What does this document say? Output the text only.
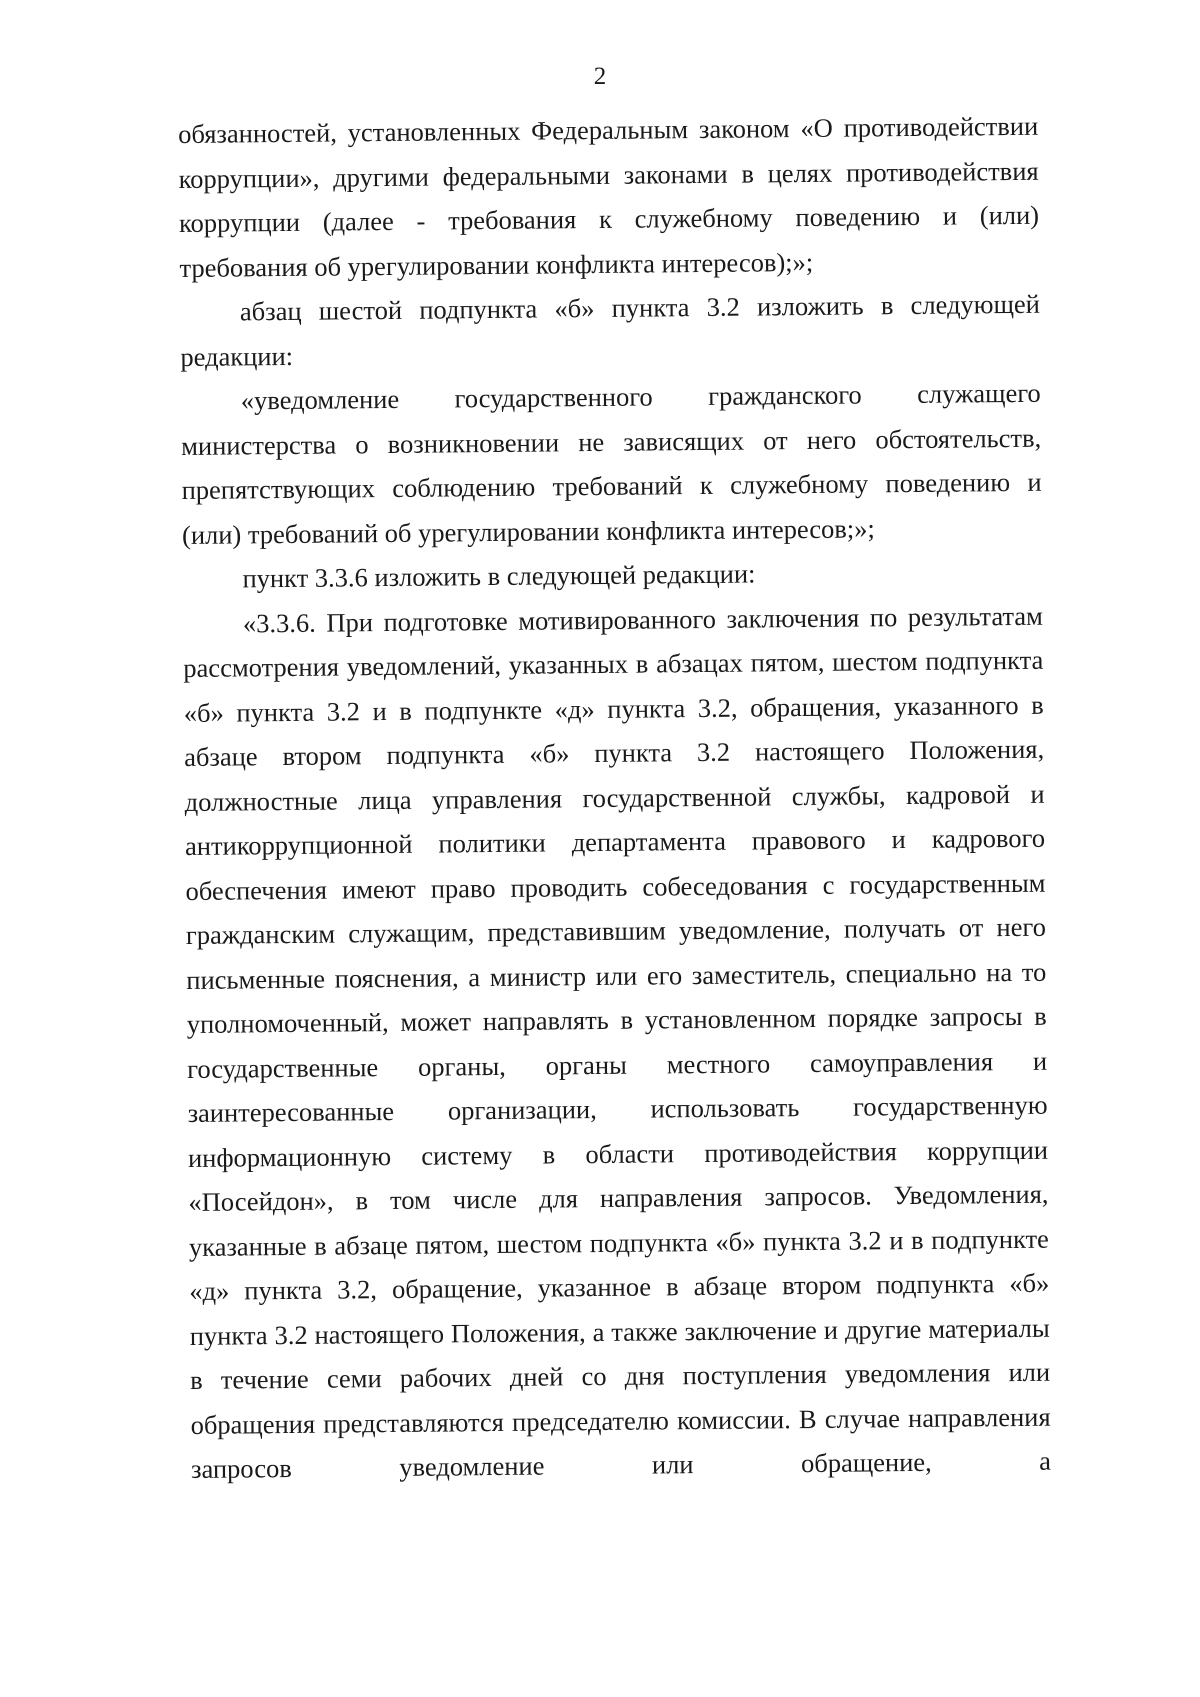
2

обязанностей, установленных Федеральным законом «О противодействии коррупции», другими федеральными законами в целях противодействия коррупции (далее - требования к служебному поведению и (или) требования об урегулировании конфликта интересов);»;

абзац шестой подпункта «б» пункта 3.2 изложить в следующей редакции:

«уведомление государственного гражданского служащего министерства о возникновении не зависящих от него обстоятельств, препятствующих соблюдению требований к служебному поведению и (или) требований об урегулировании конфликта интересов;»;

пункт 3.3.6 изложить в следующей редакции:

«3.3.6. При подготовке мотивированного заключения по результатам рассмотрения уведомлений, указанных в абзацах пятом, шестом подпункта «б» пункта 3.2 и в подпункте «д» пункта 3.2, обращения, указанного в абзаце втором подпункта «б» пункта 3.2 настоящего Положения, должностные лица управления государственной службы, кадровой и антикоррупционной политики департамента правового и кадрового обеспечения имеют право проводить собеседования с государственным гражданским служащим, представившим уведомление, получать от него письменные пояснения, а министр или его заместитель, специально на то уполномоченный, может направлять в установленном порядке запросы в государственные органы, органы местного самоуправления и заинтересованные организации, использовать государственную информационную систему в области противодействия коррупции «Посейдон», в том числе для направления запросов. Уведомления, указанные в абзаце пятом, шестом подпункта «б» пункта 3.2 и в подпункте «д» пункта 3.2, обращение, указанное в абзаце втором подпункта «б» пункта 3.2 настоящего Положения, а также заключение и другие материалы в течение семи рабочих дней со дня поступления уведомления или обращения представляются председателю комиссии. В случае направления запросов уведомление или обращение, а
